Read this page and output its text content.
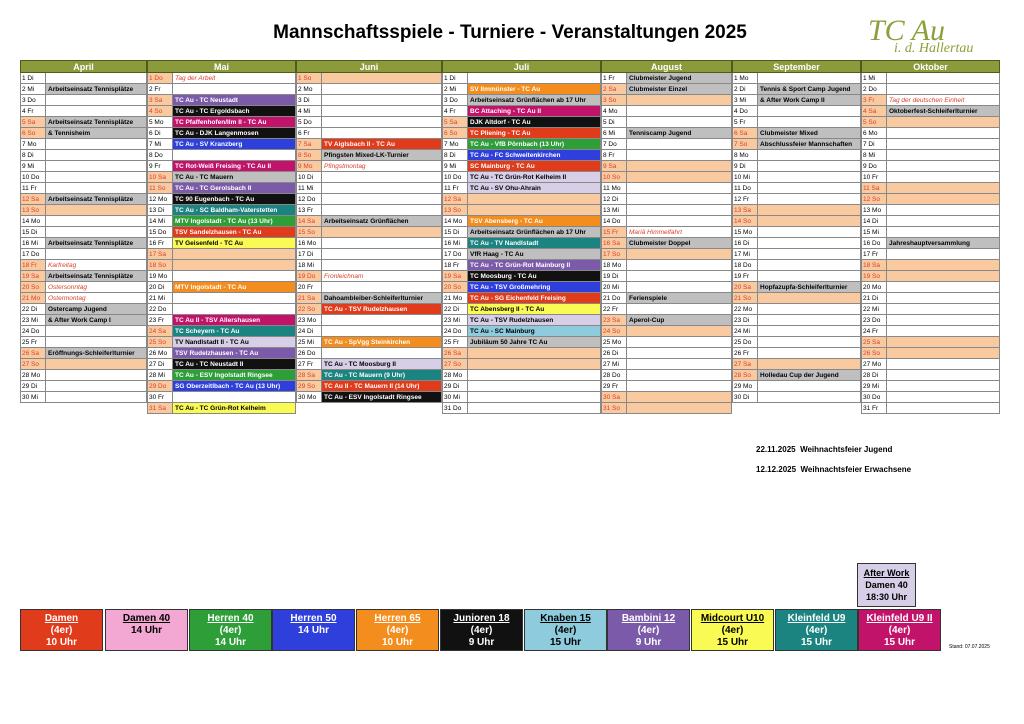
Mannschaftsspiele - Turniere - Veranstaltungen 2025	TC Au
i. d. Hallertau
April
1 Di
2 Mi	Arbeitseinsatz Tennisplätze
3 Do
4 Fr
5 Sa	Arbeitseinsatz Tennisplätze
6 So	& Tennisheim
7 Mo
8 Di
9 Mi
10 Do
11 Fr
12 Sa	Arbeitseinsatz Tennisplätze
13 So
14 Mo
15 Di
16 Mi	Arbeitseinsatz Tennisplätze
17 Do
18 Fr	Karfreitag
19 Sa	Arbeitseinsatz Tennisplätze
20 So	Ostersonntag
21 Mo	Ostermontag
22 Di	Ostercamp Jugend
23 Mi	& After Work Camp I
24 Do
25 Fr
26 Sa	Eröffnungs-Schleiferlturnier
27 So
28 Mo
29 Di
30 Mi
Mai
1 Do	Tag der Arbeit
2 Fr
3 Sa	TC Au - TC Neustadt
4 So	TC Au - TC Ergoldsbach
5 Mo	TC Pfaffenhofen/Ilm II - TC Au
6 Di	TC Au - DJK Langenmosen
7 Mi	TC Au - SV Kranzberg
8 Do
9 Fr	TC Rot-Weiß Freising - TC Au II
10 Sa	TC Au - TC Mauern
11 So	TC Au - TC Gerolsbach II
12 Mo	TC 90 Eugenbach - TC Au
13 Di	TC Au - SC Baldham-Vaterstetten
14 Mi	MTV Ingolstadt - TC Au (13 Uhr)
15 Do	TSV Sandelzhausen - TC Au
16 Fr	TV Geisenfeld - TC Au
17 Sa
18 So
19 Mo
20 Di	MTV Ingolstadt - TC Au
21 Mi
22 Do
23 Fr	TC Au II - TSV Allershausen
24 Sa	TC Scheyern - TC Au
25 So	TV Nandlstadt II - TC Au
26 Mo	TSV Rudelzhausen - TC Au
27 Di	TC Au - TC Neustadt II
28 Mi	TC Au - ESV Ingolstadt Ringsee
29 Do	SG Oberzeitlbach - TC Au (13 Uhr)
30 Fr
31 Sa	TC Au - TC Grün-Rot Kelheim
Juni
1 So
2 Mo
3 Di
4 Mi
5 Do
6 Fr
7 Sa	TV Aiglsbach II - TC Au
8 So	Pfingsten Mixed-LK-Turnier
9 Mo	Pfingstmontag
10 Di
11 Mi
12 Do
13 Fr
14 Sa	Arbeitseinsatz Grünflächen
15 So
16 Mo
17 Di
18 Mi
19 Do	Fronleichnam
20 Fr
21 Sa	Dahoambleiber-Schleiferlturnier
22 So	TC Au - TSV Rudelzhausen
23 Mo
24 Di
25 Mi	TC Au - SpVgg Steinkirchen
26 Do
27 Fr	TC Au - TC Moosburg II
28 Sa	TC Au - TC Mauern (9 Uhr)
29 So	TC Au II - TC Mauern II (14 Uhr)
30 Mo	TC Au - ESV Ingolstadt Ringsee
Juli
1 Di
2 Mi	SV Ilmmünster - TC Au
3 Do	Arbeitseinsatz Grünflächen ab 17 Uhr
4 Fr	BC Attaching - TC Au II
5 Sa	DJK Altdorf - TC Au
6 So	TC Pliening - TC Au
7 Mo	TC Au - VfB Pörnbach (13 Uhr)
8 Di	TC Au - FC Schweitenkirchen
9 Mi	SC Mainburg - TC Au
10 Do	TC Au - TC Grün-Rot Kelheim II
11 Fr	TC Au - SV Ohu-Ahrain
12 Sa
13 So
14 Mo	TSV Abensberg - TC Au
15 Di	Arbeitseinsatz Grünflächen ab 17 Uhr
16 Mi	TC Au - TV Nandlstadt
17 Do	VfR Haag - TC Au
18 Fr	TC Au - TC Grün-Rot Mainburg II
19 Sa	TC Moosburg - TC Au
20 So	TC Au - TSV Großmehring
21 Mo	TC Au - SG Eichenfeld Freising
22 Di	TC Abensberg II - TC Au
23 Mi	TC Au - TSV Rudelzhausen
24 Do	TC Au - SC Mainburg
25 Fr	Jubiläum 50 Jahre TC Au
26 Sa
27 So
28 Mo
29 Di
30 Mi
31 Do
August
1 Fr	Clubmeister Jugend
2 Sa	Clubmeister Einzel
3 So
4 Mo
5 Di
6 Mi	Tenniscamp Jugend
7 Do
8 Fr
9 Sa
10 So
11 Mo
12 Di
13 Mi
14 Do
15 Fr	Mariä Himmelfahrt
16 Sa	Clubmeister Doppel
17 So
18 Mo
19 Di
20 Mi
21 Do	Ferienspiele
22 Fr
23 Sa	Aperol-Cup
24 So
25 Mo
26 Di
27 Mi
28 Do
29 Fr
30 Sa
31 So
September
1 Mo
2 Di	Tennis & Sport Camp Jugend
3 Mi	& After Work Camp II
4 Do
5 Fr
6 Sa	Clubmeister Mixed
7 So	Abschlussfeier Mannschaften
8 Mo
9 Di
10 Mi
11 Do
12 Fr
13 Sa
14 So
15 Mo
16 Di
17 Mi
18 Do
19 Fr
20 Sa	Hopfazupfa-Schleiferlturnier
21 So
22 Mo
23 Di
24 Mi
25 Do
26 Fr
27 Sa
28 So	Holledau Cup der Jugend
29 Mo
30 Di
Oktober
1 Mi
2 Do
3 Fr	Tag der deutschen Einheit
4 Sa	Oktoberfest-Schleiferlturnier
5 So
6 Mo
7 Di
8 Mi
9 Do
10 Fr
11 Sa
12 So
13 Mo
14 Di
15 Mi
16 Do	Jahreshauptversammlung
17 Fr
18 Sa
19 So
20 Mo
21 Di
22 Mi
23 Do
24 Fr
25 Sa
26 So
27 Mo
28 Di
29 Mi
30 Do
31 Fr
22.11.2025 Weihnachtsfeier Jugend
12.12.2025 Weihnachtsfeier Erwachsene
After Work
Damen 40
18:30 Uhr
Damen
(4er)
10 Uhr
Damen 40
14 Uhr
Herren 40
(4er)
14 Uhr
Herren 50
14 Uhr
Herren 65
(4er)
10 Uhr
Junioren 18
(4er)
9 Uhr
Knaben 15
(4er)
15 Uhr
Bambini 12
(4er)
9 Uhr
Midcourt U10
(4er)
15 Uhr
Kleinfeld U9
(4er)
15 Uhr
Kleinfeld U9 II
(4er)
15 Uhr	Stand: 07.07.2025
